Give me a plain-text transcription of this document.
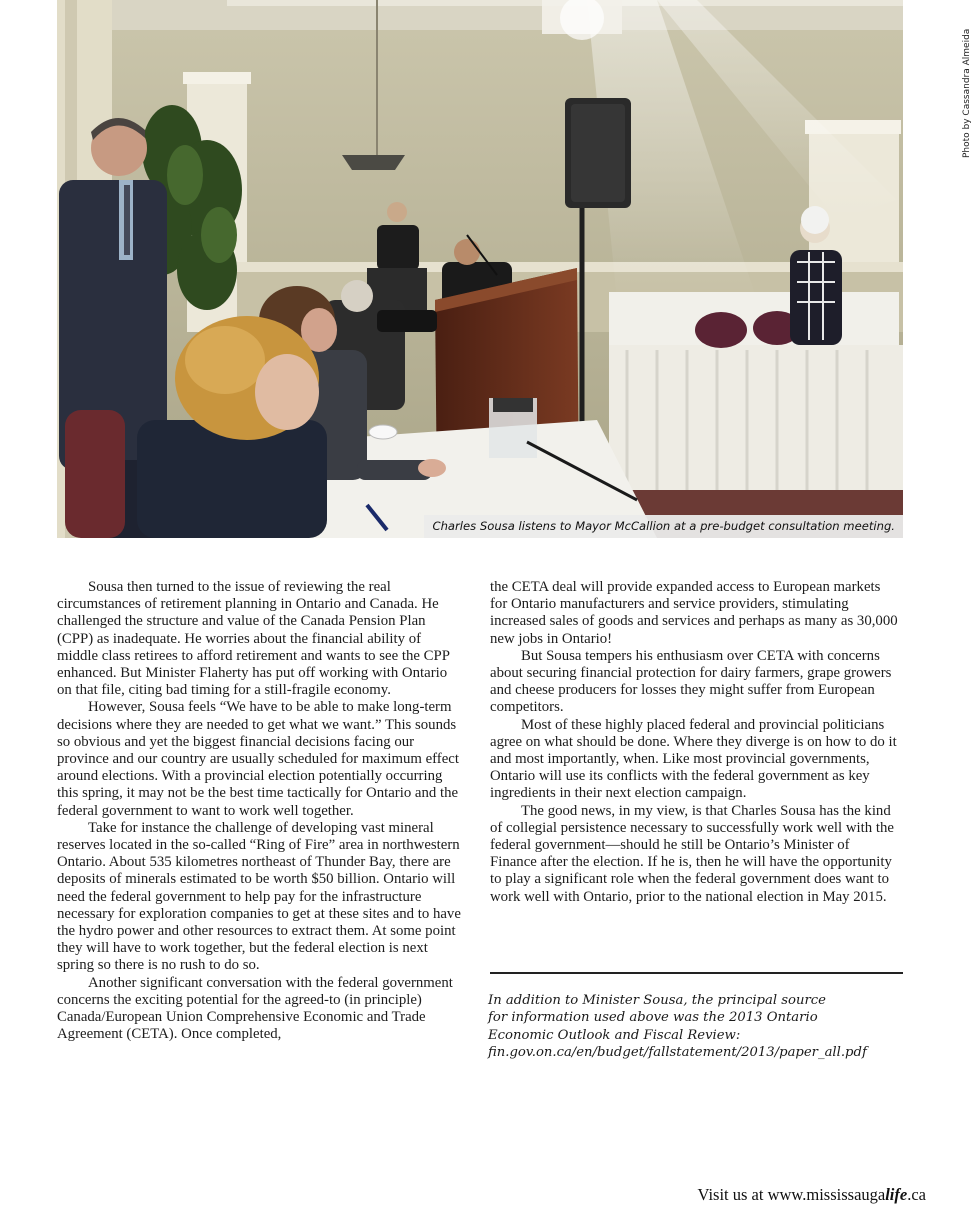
Photo by Cassandra Almeida
Charles Sousa listens to Mayor McCallion at a pre-budget consultation meeting.

Sousa then turned to the issue of reviewing the real circumstances of retirement planning in Ontario and Canada. He challenged the structure and value of the Canada Pension Plan (CPP) as inadequate. He worries about the financial ability of middle class retirees to afford retirement and wants to see the CPP enhanced. But Minister Flaherty has put off working with Ontario on that file, citing bad timing for a still-fragile economy.

However, Sousa feels “We have to be able to make long-term decisions where they are needed to get what we want.” This sounds so obvious and yet the biggest financial decisions facing our province and our country are usually scheduled for maximum effect around elections. With a provincial election potentially occurring this spring, it may not be the best time tactically for Ontario and the federal government to want to work well together.

Take for instance the challenge of developing vast mineral reserves located in the so-called “Ring of Fire” area in northwestern Ontario. About 535 kilometres northeast of Thunder Bay, there are deposits of minerals estimated to be worth $50 billion. Ontario will need the federal government to help pay for the infrastructure necessary for exploration companies to get at these sites and to have the hydro power and other resources to extract them. At some point they will have to work together, but the federal election is next spring so there is no rush to do so.

Another significant conversation with the federal government concerns the exciting potential for the agreed-to (in principle) Canada/European Union Comprehensive Economic and Trade Agreement (CETA). Once completed,

the CETA deal will provide expanded access to European markets for Ontario manufacturers and service providers, stimulating increased sales of goods and services and perhaps as many as 30,000 new jobs in Ontario!

But Sousa tempers his enthusiasm over CETA with concerns about securing financial protection for dairy farmers, grape growers and cheese producers for losses they might suffer from European competitors.

Most of these highly placed federal and provincial politicians agree on what should be done. Where they diverge is on how to do it and most importantly, when. Like most provincial governments, Ontario will use its conflicts with the federal government as key ingredients in their next election campaign.

The good news, in my view, is that Charles Sousa has the kind of collegial persistence necessary to successfully work well with the federal government—should he still be Ontario’s Minister of Finance after the election. If he is, then he will have the opportunity to play a significant role when the federal government does want to work well with Ontario, prior to the national election in May 2015.

In addition to Minister Sousa, the principal source
for information used above was the 2013 Ontario
Economic Outlook and Fiscal Review:
fin.gov.on.ca/en/budget/fallstatement/2013/paper_all.pdf
Visit us at www.mississaugalife.ca
